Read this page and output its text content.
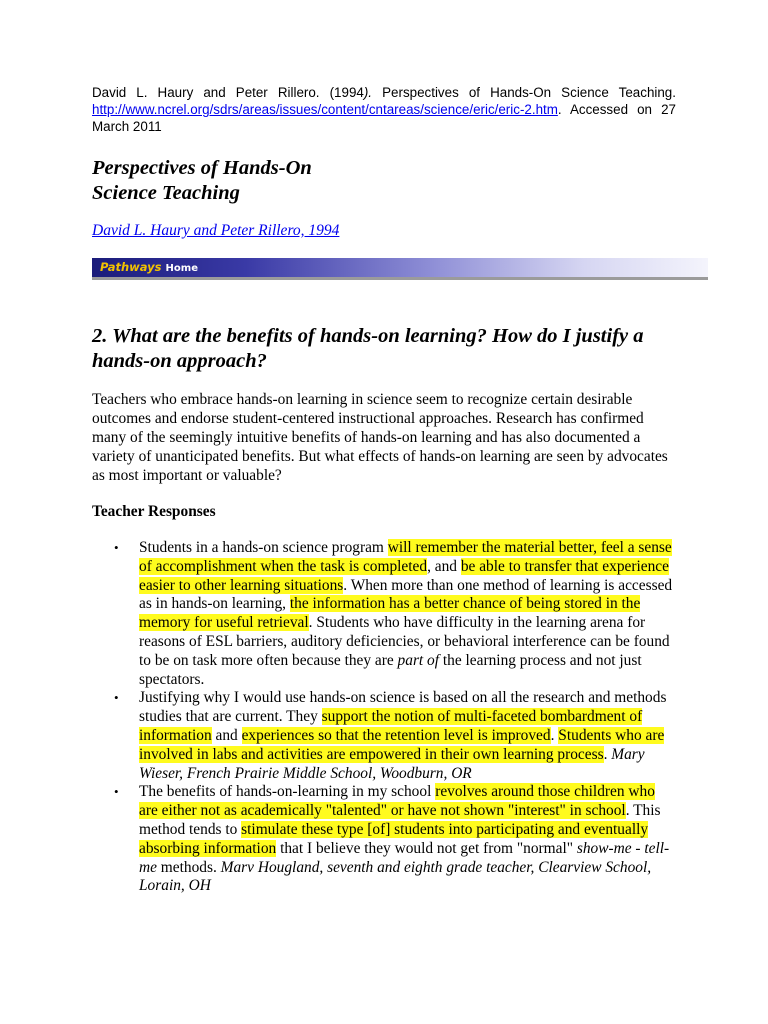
David L. Haury and Peter Rillero. (1994). Perspectives of Hands-On Science Teaching. http://www.ncrel.org/sdrs/areas/issues/content/cntareas/science/eric/eric-2.htm. Accessed on 27 March 2011

Perspectives of Hands-On
Science Teaching
David L. Haury and Peter Rillero, 1994
Pathways Home
2. What are the benefits of hands-on learning? How do I justify a hands-on approach?

Teachers who embrace hands-on learning in science seem to recognize certain desirable outcomes and endorse student-centered instructional approaches. Research has confirmed many of the seemingly intuitive benefits of hands-on learning and has also documented a variety of unanticipated benefits. But what effects of hands-on learning are seen by advocates as most important or valuable?

Teacher Responses
• Students in a hands-on science program will remember the material better, feel a sense of accomplishment when the task is completed, and be able to transfer that experience easier to other learning situations. When more than one method of learning is accessed as in hands-on learning, the information has a better chance of being stored in the memory for useful retrieval. Students who have difficulty in the learning arena for reasons of ESL barriers, auditory deficiencies, or behavioral interference can be found to be on task more often because they are part of the learning process and not just spectators.
• Justifying why I would use hands-on science is based on all the research and methods studies that are current. They support the notion of multi-faceted bombardment of information and experiences so that the retention level is improved. Students who are involved in labs and activities are empowered in their own learning process. Mary Wieser, French Prairie Middle School, Woodburn, OR
• The benefits of hands-on-learning in my school revolves around those children who are either not as academically "talented" or have not shown "interest" in school. This method tends to stimulate these type [of] students into participating and eventually absorbing information that I believe they would not get from "normal" show-me - tell-me methods. Marv Hougland, seventh and eighth grade teacher, Clearview School, Lorain, OH
